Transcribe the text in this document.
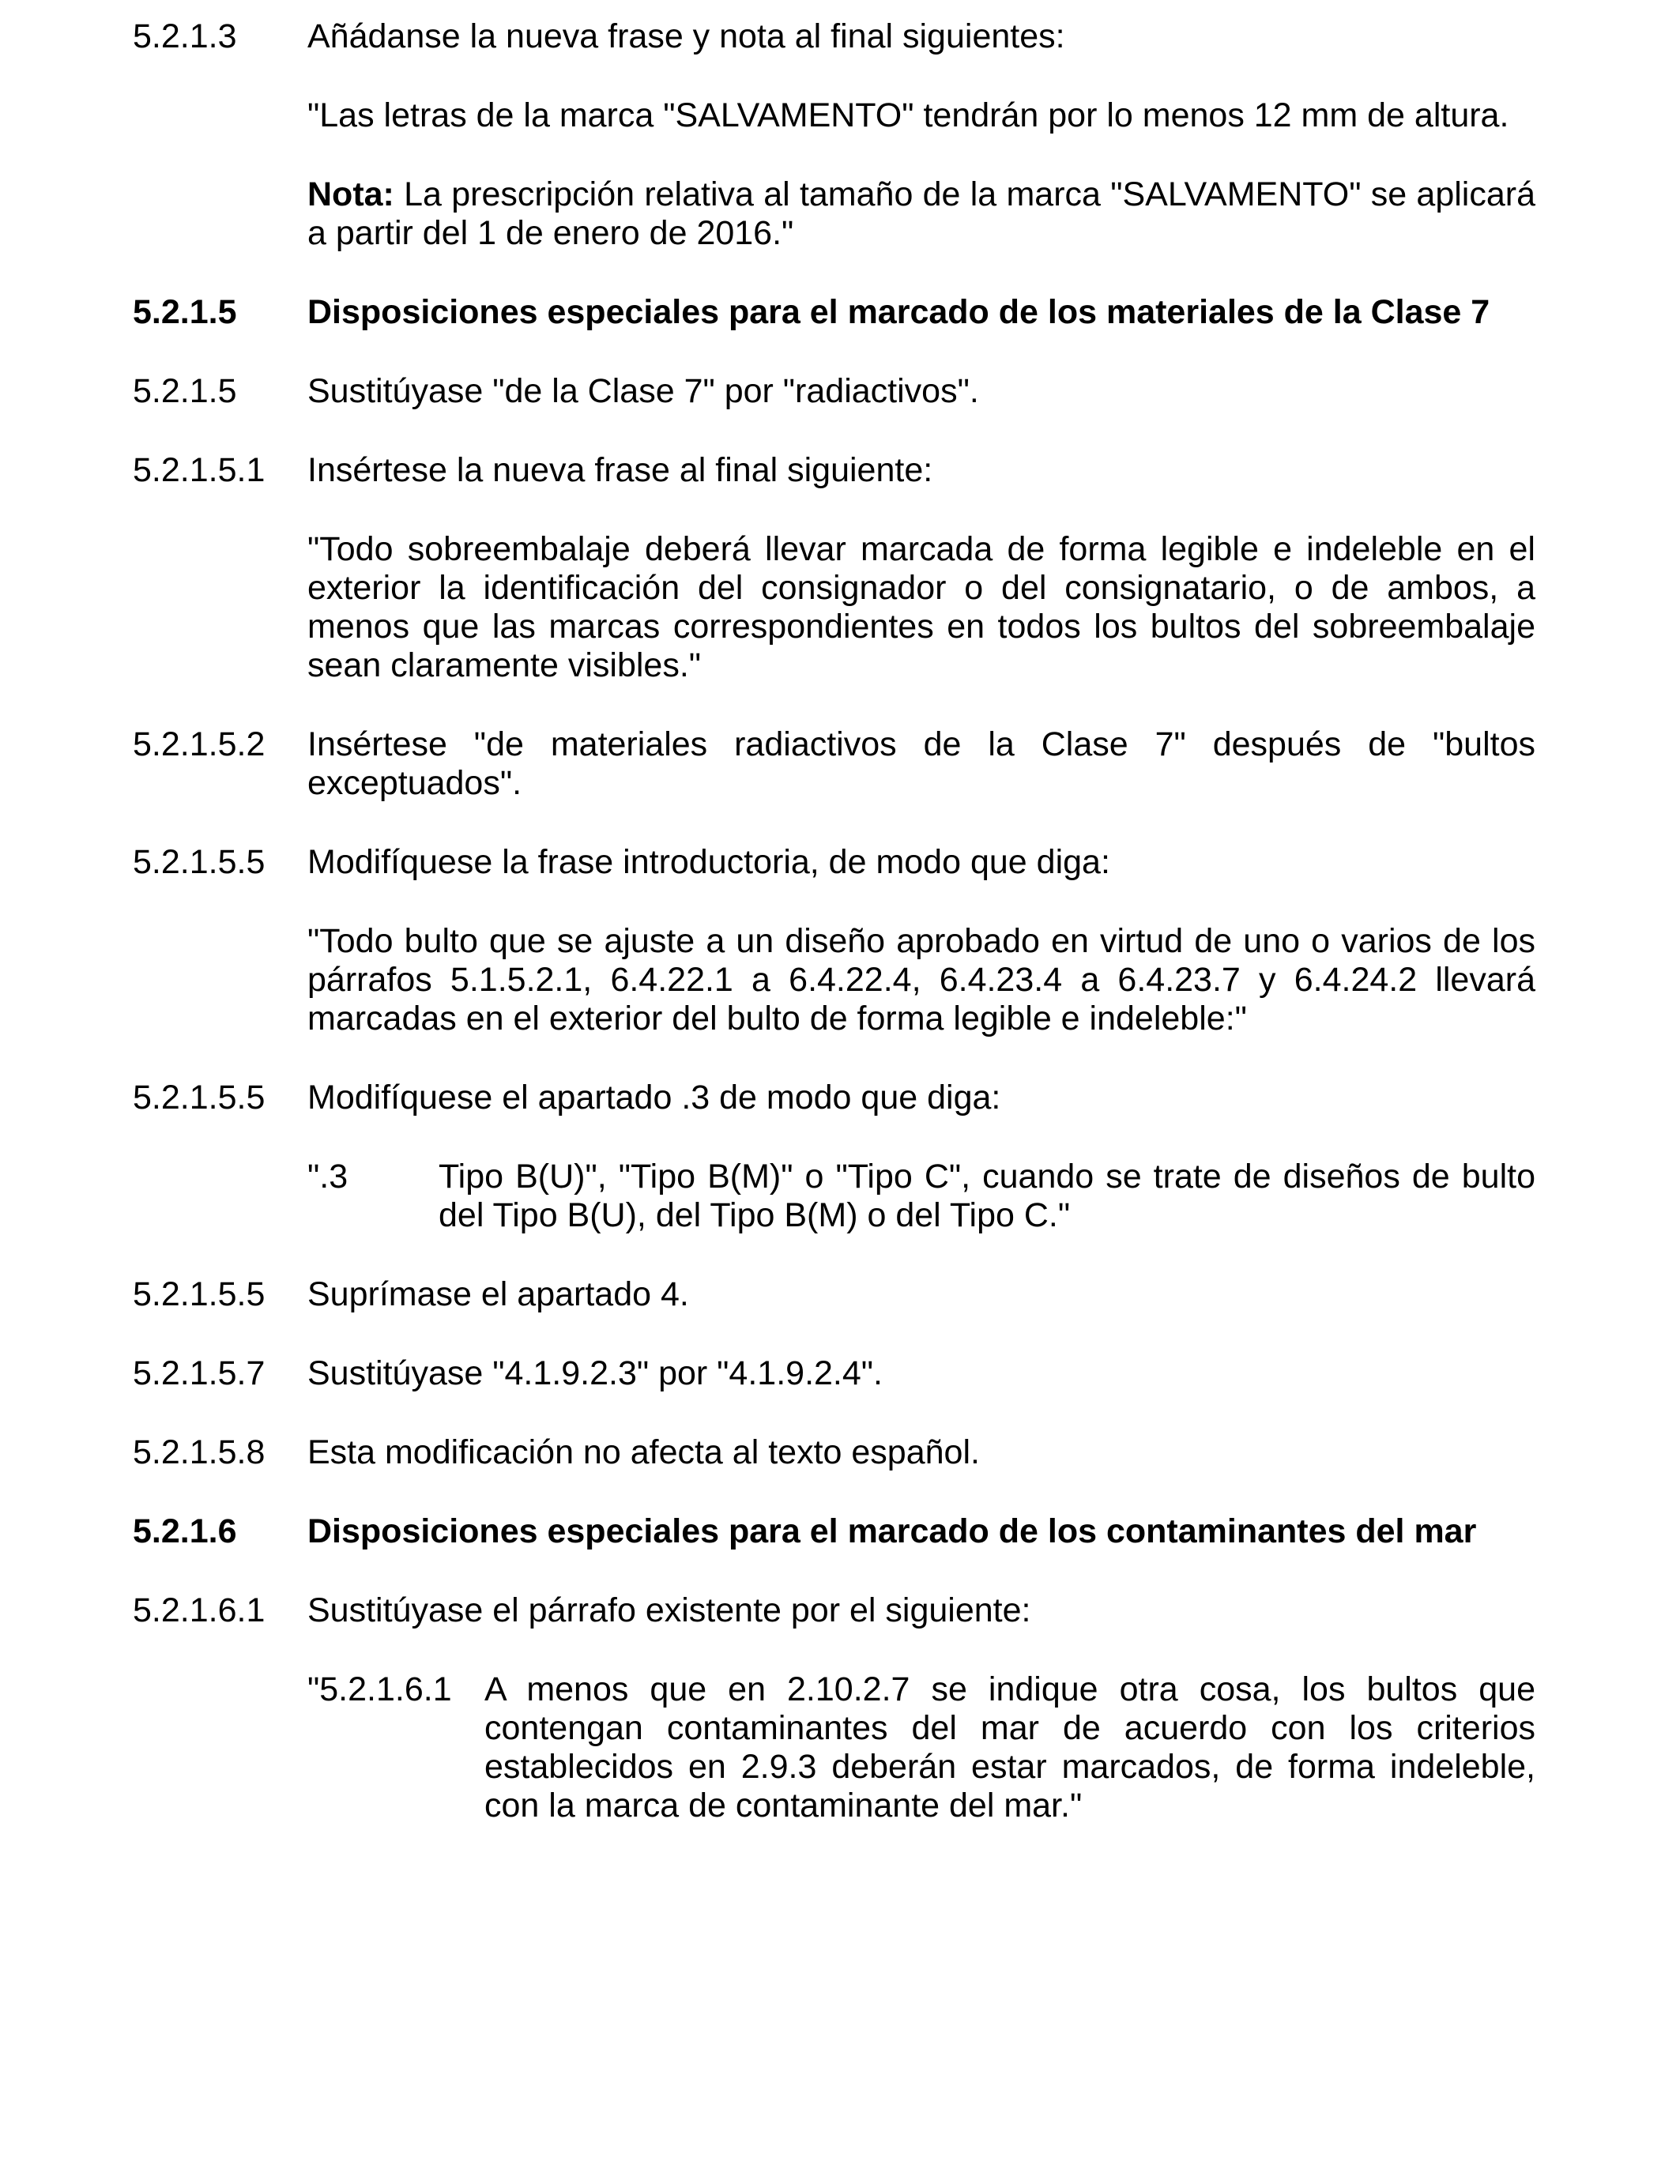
5.2.1.3	Añádanse la nueva frase y nota al final siguientes:
"Las letras de la marca "SALVAMENTO" tendrán por lo menos 12 mm de altura.
Nota: La prescripción relativa al tamaño de la marca "SALVAMENTO" se aplicará a partir del 1 de enero de 2016."
5.2.1.5	Disposiciones especiales para el marcado de los materiales de la Clase 7
5.2.1.5	Sustitúyase "de la Clase 7" por "radiactivos".
5.2.1.5.1	Insértese la nueva frase al final siguiente:
"Todo sobreembalaje deberá llevar marcada de forma legible e indeleble en el exterior la identificación del consignador o del consignatario, o de ambos, a menos que las marcas correspondientes en todos los bultos del sobreembalaje sean claramente visibles."
5.2.1.5.2	Insértese "de materiales radiactivos de la Clase 7" después de "bultos exceptuados".
5.2.1.5.5	Modifíquese la frase introductoria, de modo que diga:
"Todo bulto que se ajuste a un diseño aprobado en virtud de uno o varios de los párrafos 5.1.5.2.1, 6.4.22.1 a 6.4.22.4, 6.4.23.4 a 6.4.23.7 y 6.4.24.2 llevará marcadas en el exterior del bulto de forma legible e indeleble:"
5.2.1.5.5	Modifíquese el apartado .3 de modo que diga:
".3	Tipo B(U)", "Tipo B(M)" o "Tipo C", cuando se trate de diseños de bulto del Tipo B(U), del Tipo B(M) o del Tipo C."
5.2.1.5.5	Suprímase el apartado 4.
5.2.1.5.7	Sustitúyase "4.1.9.2.3" por "4.1.9.2.4".
5.2.1.5.8	Esta modificación no afecta al texto español.
5.2.1.6	Disposiciones especiales para el marcado de los contaminantes del mar
5.2.1.6.1	Sustitúyase el párrafo existente por el siguiente:
"5.2.1.6.1 A menos que en 2.10.2.7 se indique otra cosa, los bultos que contengan contaminantes del mar de acuerdo con los criterios establecidos en 2.9.3 deberán estar marcados, de forma indeleble, con la marca de contaminante del mar."
